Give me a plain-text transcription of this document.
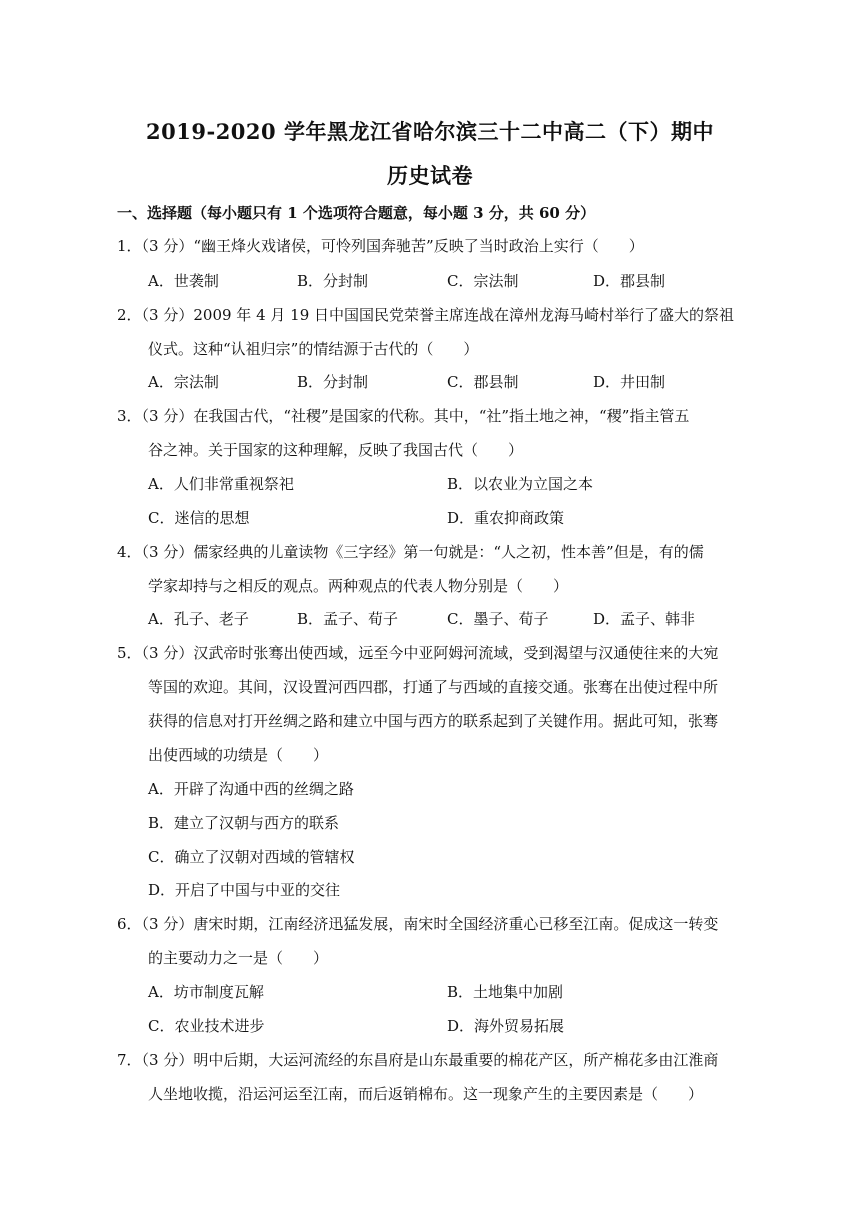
2019-2020 学年黑龙江省哈尔滨三十二中高二（下）期中
历史试卷
一、选择题（每小题只有 1 个选项符合题意，每小题 3 分，共 60 分）
1．（3 分）“幽王烽火戏诸侯，可怜列国奔驰苦”反映了当时政治上实行（　　）
A．世袭制	B．分封制	C．宗法制	D．郡县制
2．（3 分）2009 年 4 月 19 日中国国民党荣誉主席连战在漳州龙海马崎村举行了盛大的祭祖
仪式。这种“认祖归宗”的情结源于古代的（　　）
A．宗法制	B．分封制	C．郡县制	D．井田制
3．（3 分）在我国古代，“社稷”是国家的代称。其中，“社”指土地之神，“稷”指主管五
谷之神。关于国家的这种理解，反映了我国古代（　　）
A．人们非常重视祭祀	B．以农业为立国之本
C．迷信的思想	D．重农抑商政策
4．（3 分）儒家经典的儿童读物《三字经》第一句就是：“人之初，性本善”但是，有的儒
学家却持与之相反的观点。两种观点的代表人物分别是（　　）
A．孔子、老子	B．孟子、荀子	C．墨子、荀子	D．孟子、韩非
5．（3 分）汉武帝时张骞出使西域，远至今中亚阿姆河流域，受到渴望与汉通使往来的大宛
等国的欢迎。其间，汉设置河西四郡，打通了与西域的直接交通。张骞在出使过程中所
获得的信息对打开丝绸之路和建立中国与西方的联系起到了关键作用。据此可知，张骞
出使西域的功绩是（　　）
A．开辟了沟通中西的丝绸之路
B．建立了汉朝与西方的联系
C．确立了汉朝对西域的管辖权
D．开启了中国与中亚的交往
6．（3 分）唐宋时期，江南经济迅猛发展，南宋时全国经济重心已移至江南。促成这一转变
的主要动力之一是（　　）
A．坊市制度瓦解	B．土地集中加剧
C．农业技术进步	D．海外贸易拓展
7．（3 分）明中后期，大运河流经的东昌府是山东最重要的棉花产区，所产棉花多由江淮商
人坐地收揽，沿运河运至江南，而后返销棉布。这一现象产生的主要因素是（　　）
